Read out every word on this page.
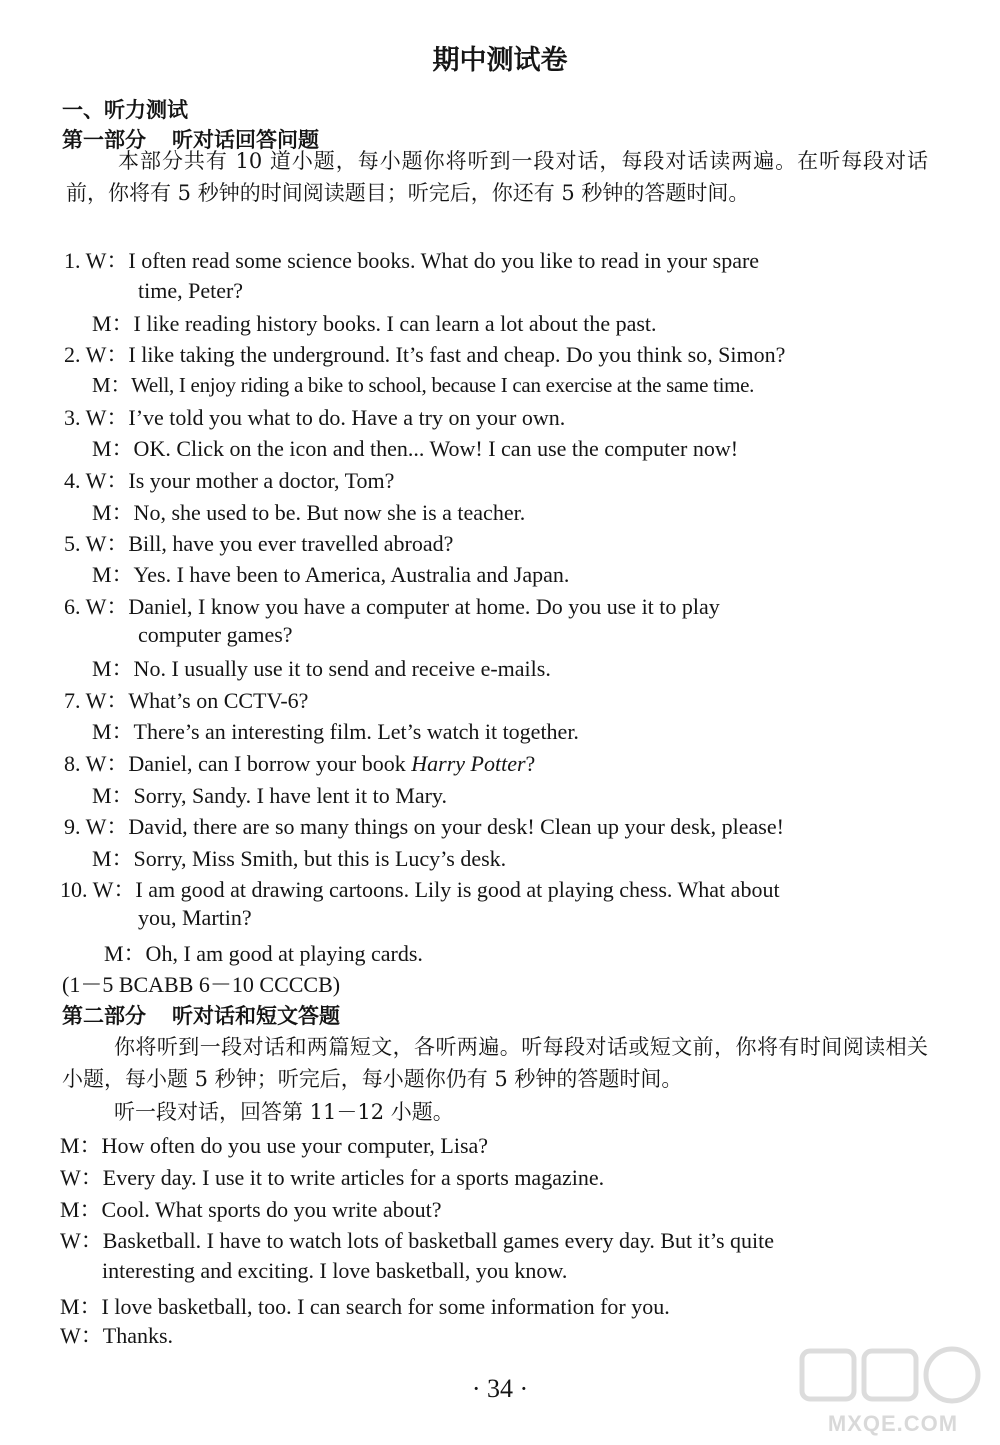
期中测试卷
一、听力测试
第一部分 听对话回答问题
本部分共有 10 道小题，每小题你将听到一段对话，每段对话读两遍。在听每段对话前，你将有 5 秒钟的时间阅读题目；听完后，你还有 5 秒钟的答题时间。
1. W：I often read some science books. What do you like to read in your spare
time, Peter?
M：I like reading history books. I can learn a lot about the past.
2. W：I like taking the underground. It’s fast and cheap. Do you think so, Simon?
M：Well, I enjoy riding a bike to school, because I can exercise at the same time.
3. W：I’ve told you what to do. Have a try on your own.
M：OK. Click on the icon and then... Wow! I can use the computer now!
4. W：Is your mother a doctor, Tom?
M：No, she used to be. But now she is a teacher.
5. W：Bill, have you ever travelled abroad?
M：Yes. I have been to America, Australia and Japan.
6. W：Daniel, I know you have a computer at home. Do you use it to play
computer games?
M：No. I usually use it to send and receive e-mails.
7. W：What’s on CCTV-6?
M：There’s an interesting film. Let’s watch it together.
8. W：Daniel, can I borrow your book Harry Potter?
M：Sorry, Sandy. I have lent it to Mary.
9. W：David, there are so many things on your desk! Clean up your desk, please!
M：Sorry, Miss Smith, but this is Lucy’s desk.
10. W：I am good at drawing cartoons. Lily is good at playing chess. What about
you, Martin?
M：Oh, I am good at playing cards.
(1－5 BCABB 6－10 CCCCB)
第二部分 听对话和短文答题
你将听到一段对话和两篇短文，各听两遍。听每段对话或短文前，你将有时间阅读相关小题，每小题 5 秒钟；听完后，每小题你仍有 5 秒钟的答题时间。
听一段对话，回答第 11－12 小题。
M：How often do you use your computer, Lisa?
W：Every day. I use it to write articles for a sports magazine.
M：Cool. What sports do you write about?
W：Basketball. I have to watch lots of basketball games every day. But it’s quite
interesting and exciting. I love basketball, you know.
M：I love basketball, too. I can search for some information for you.
W：Thanks.
· 34 ·
MXQE.COM
